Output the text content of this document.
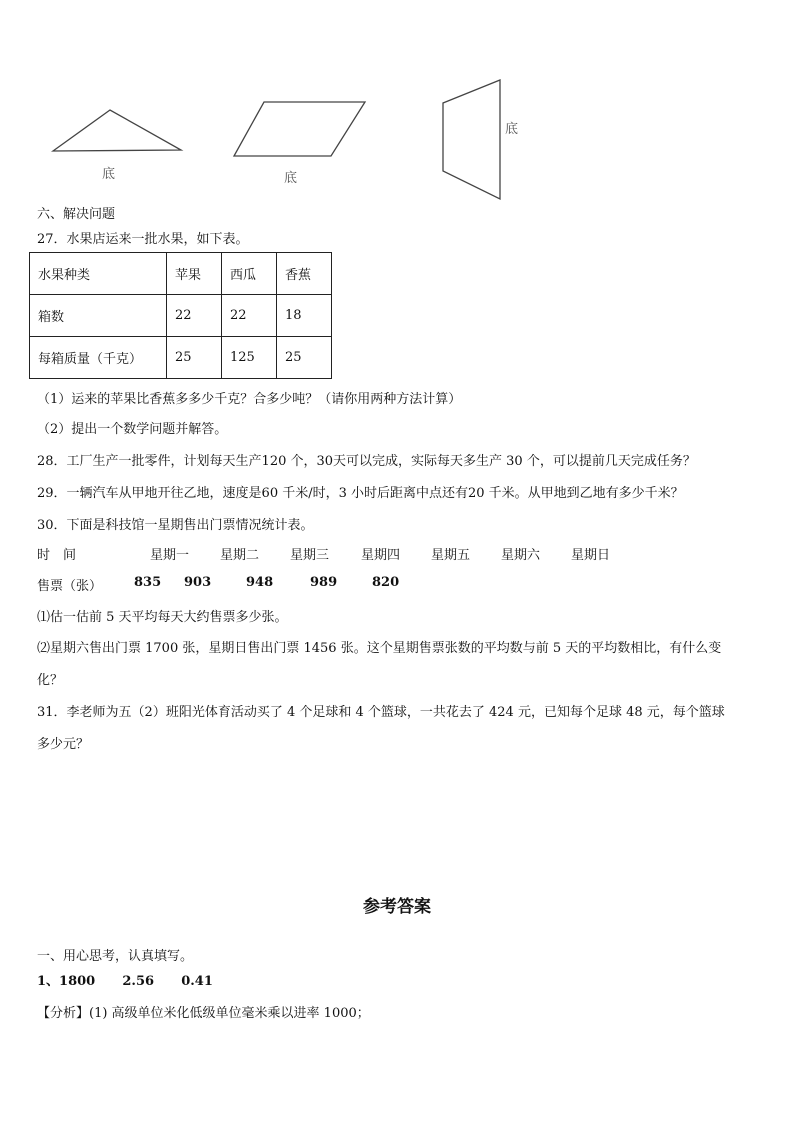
底	底
底
六、解决问题
27．水果店运来一批水果，如下表。
水果种类	苹果	西瓜	香蕉
箱数	22	22	18
每箱质量（千克）	25	125	25
（1）运来的苹果比香蕉多多少千克？合多少吨？（请你用两种方法计算）
（2）提出一个数学问题并解答。
28．工厂生产一批零件，计划每天生产120 个，30天可以完成，实际每天多生产 30 个，可以提前几天完成任务？
29．一辆汽车从甲地开往乙地，速度是60 千米/时，3 小时后距离中点还有20 千米。从甲地到乙地有多少千米？
30．下面是科技馆一星期售出门票情况统计表。
时　间	星期一 星期二 星期三 星期四 星期五 星期六 星期日
售票（张） 835 903	948	989	820
⑴估一估前 5 天平均每天大约售票多少张。
⑵星期六售出门票 1700 张，星期日售出门票 1456 张。这个星期售票张数的平均数与前 5 天的平均数相比，有什么变
化？
31．李老师为五（2）班阳光体育活动买了 4 个足球和 4 个篮球，一共花去了 424 元，已知每个足球 48 元，每个篮球
多少元？
参考答案
一、用心思考，认真填写。
1、1800      2.56      0.41
【分析】(1) 高级单位米化低级单位毫米乘以进率 1000；
